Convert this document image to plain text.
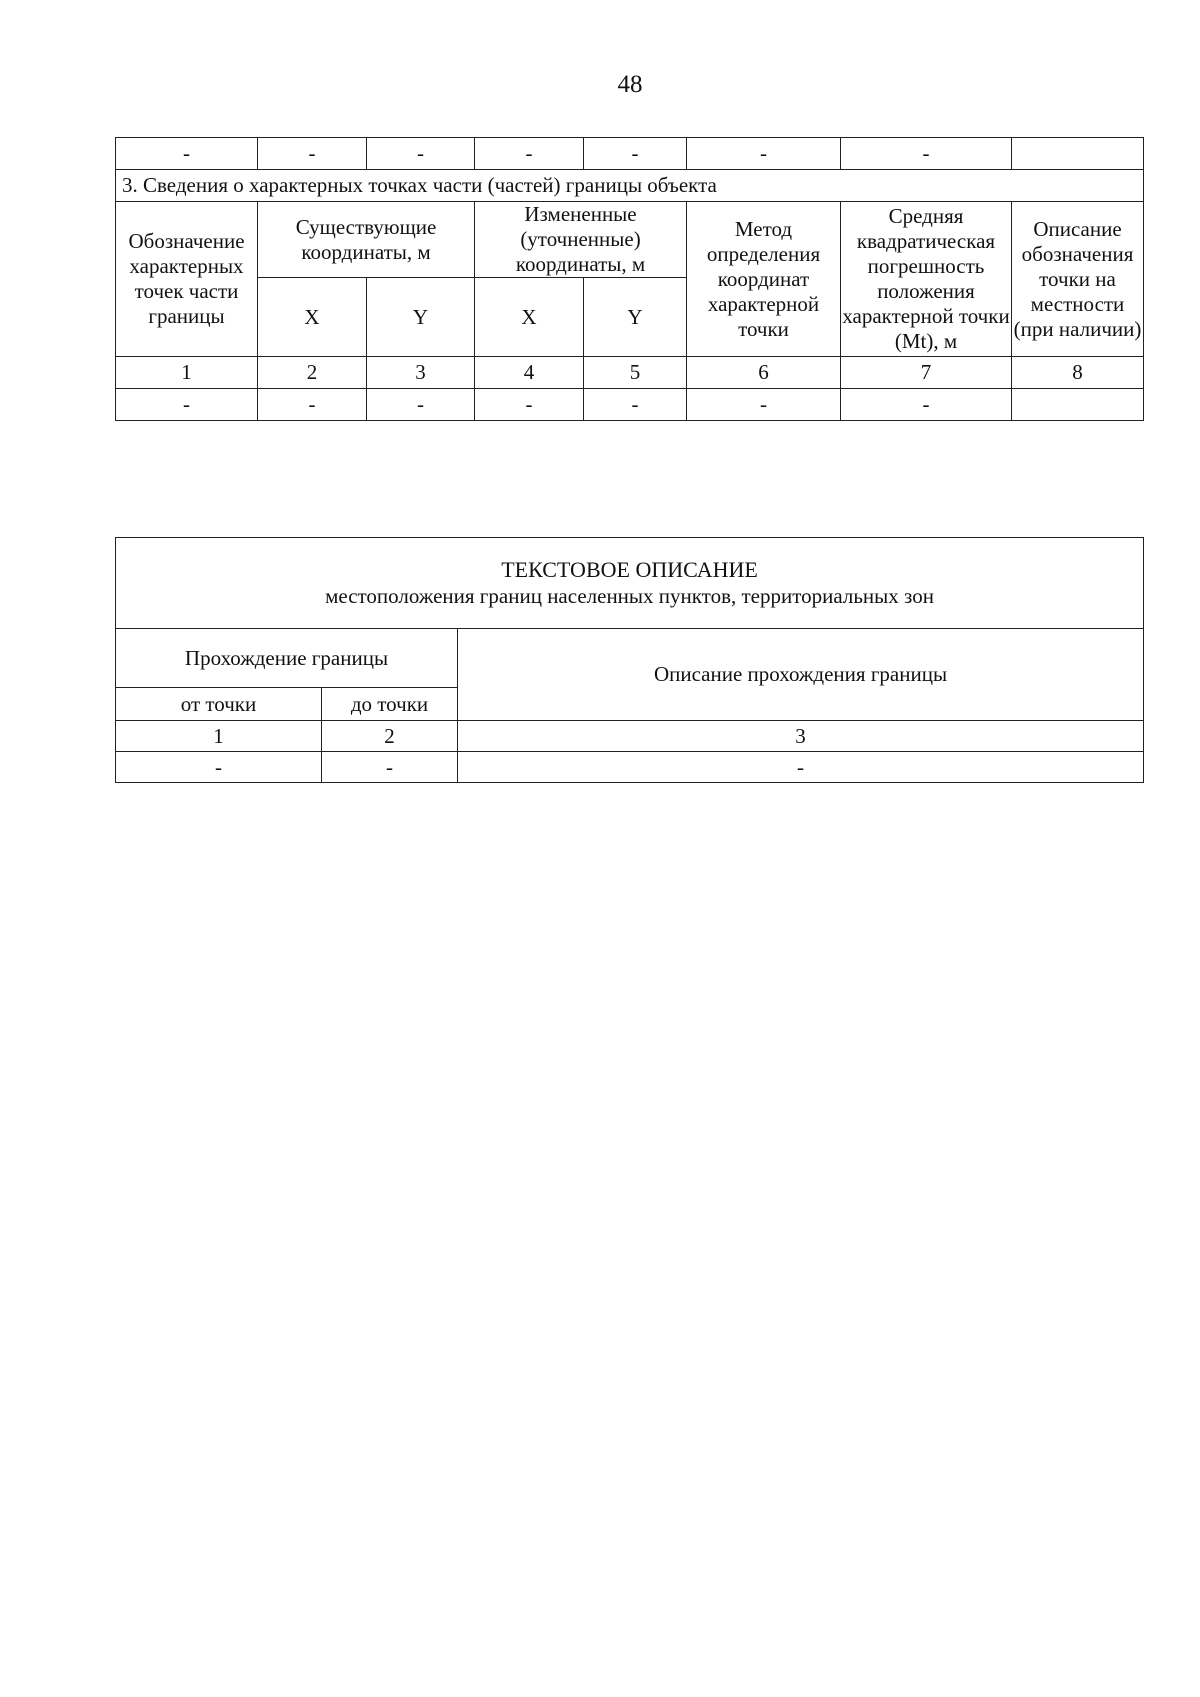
48
-	-	-	-	-	-	-	
3. Сведения о характерных точках части (частей) границы объекта							
Обозначение характерных точек части границы	Существующие координаты, м		Измененные (уточненные) координаты, м		Метод определения координат характерной точки	Средняя квадратическая погрешность положения характерной точки (Mt), м	Описание обозначения точки на местности (при наличии)
	X	Y	X	Y			
1	2	3	4	5	6	7	8
-	-	-	-	-	-	-	
ТЕКСТОВОЕ ОПИСАНИЕ
местоположения границ населенных пунктов, территориальных зон		

Прохождение границы		Описание прохождения границы
от точки	до точки	
1	2	3
-	-	-
